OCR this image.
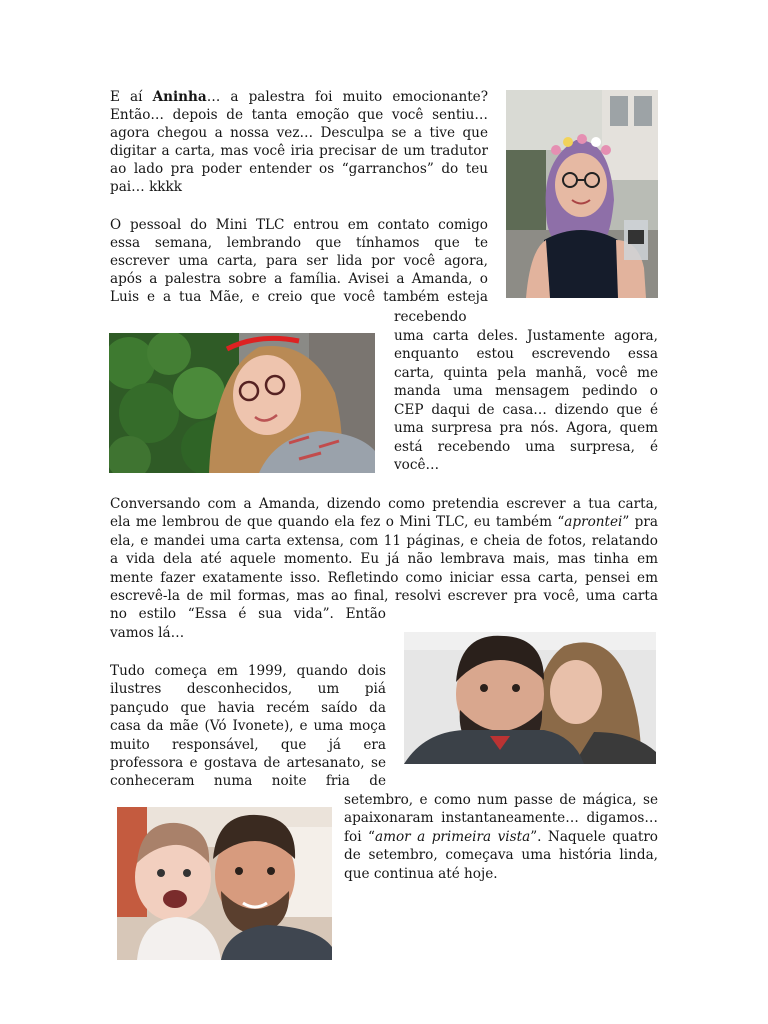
E aí Aninha… a palestra foi muito emocionante?
Então… depois de tanta emoção que você sentiu…
agora chegou a nossa vez… Desculpa se a tive que
digitar a carta, mas você iria precisar de um tradutor
ao lado pra poder entender os “garranchos” do teu
pai… kkkk
O pessoal do Mini TLC entrou em contato comigo
essa semana, lembrando que tínhamos que te
escrever uma carta, para ser lida por você agora,
após a palestra sobre a família. Avisei a Amanda, o
Luis e a tua Mãe, e creio que você também esteja
recebendo
uma carta deles. Justamente agora,
enquanto estou escrevendo essa
carta, quinta pela manhã, você me
manda uma mensagem pedindo o
CEP daqui de casa… dizendo que é
uma surpresa pra nós. Agora, quem
está recebendo uma surpresa, é
você…
Conversando com a Amanda, dizendo como pretendia escrever a tua carta,
ela me lembrou de que quando ela fez o Mini TLC, eu também “aprontei” pra
ela, e mandei uma carta extensa, com 11 páginas, e cheia de fotos, relatando
a vida dela até aquele momento. Eu já não lembrava mais, mas tinha em
mente fazer exatamente isso. Refletindo como iniciar essa carta, pensei em
escrevê-la de mil formas, mas ao final, resolvi escrever pra você, uma carta
no estilo “Essa é sua vida”. Então
vamos lá…
Tudo começa em 1999, quando dois
ilustres desconhecidos, um piá
pançudo que havia recém saído da
casa da mãe (Vó Ivonete), e uma moça
muito responsável, que já era
professora e gostava de artesanato, se
conheceram numa noite fria de
setembro, e como num passe de mágica, se
apaixonaram instantaneamente… digamos…
foi “amor a primeira vista”. Naquele quatro
de setembro, começava uma história linda,
que continua até hoje.
